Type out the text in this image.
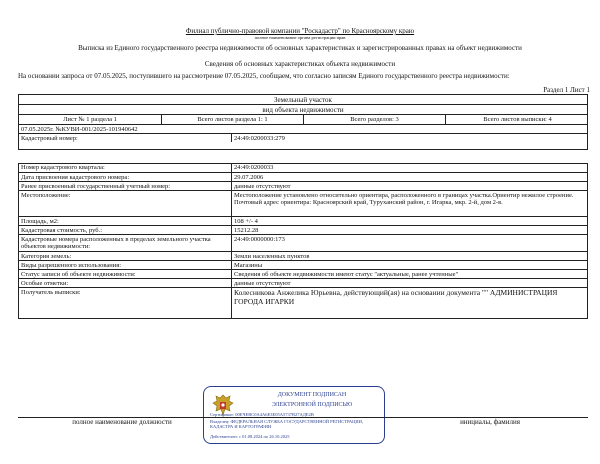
Филиал публично-правовой компании "Роскадастр" по Красноярскому краю
полное наименование органа регистрации прав
Выписка из Единого государственного реестра недвижимости об основных характеристиках и зарегистрированных правах на объект недвижимости
Сведения об основных характеристиках объекта недвижимости
На основании запроса от 07.05.2025, поступившего на рассмотрение 07.05.2025, сообщаем, что согласно записям Единого государственного реестра недвижимости:
Раздел 1 Лист 1
Земельный участок
вид объекта недвижимости
Лист № 1 раздела 1	Всего листов раздела 1: 1	Всего разделов: 3	Всего листов выписки: 4
07.05.2025г. №КУВИ-001/2025-101940642
Кадастровый номер:	24:49:0200033:279
Номер кадастрового квартала:	24:49:0200033
Дата присвоения кадастрового номера:	29.07.2006
Ранее присвоенный государственный учетный номер:	данные отсутствуют
Местоположение:	Местоположение установлено относительно ориентира, расположенного в границах участка.Ориентир нежилое строение. Почтовый адрес ориентира: Красноярский край, Туруханский район, г. Игарка, мкр. 2-й, дом 2-в.
Площадь, м2:	108 +/- 4
Кадастровая стоимость, руб.:	15212.28
Кадастровые номера расположенных в пределах земельного участка объектов недвижимости:
24:49:0000000:173
Категория земель:	Земли населенных пунктов
Виды разрешенного использования:	Магазины
Статус записи об объекте недвижимости:	Сведения об объекте недвижимости имеют статус "актуальные, ранее учтенные"
Особые отметки:	данные отсутствуют
Получатель выписки:	Колесникова Анжелика Юрьевна, действующий(ая) на основании документа "" АДМИНИСТРАЦИЯ ГОРОДА ИГАРКИ
ДОКУМЕНТ ПОДПИСАН
ЭЛЕКТРОННОЙ ПОДПИСЬЮ
Сертификат: 00ЕЧЕВС0А4А6ЕЗЕ05А5737В27АДЕ2В
Владелец: ФЕДЕРАЛЬНАЯ СЛУЖБА ГОСУДАРСТВЕННОЙ РЕГИСТРАЦИИ, КАДАСТРА И КАРТОГРАФИИ
Действителен: с 01.08.2024 по 26.10.2025
полное наименование должности	инициалы, фамилия
